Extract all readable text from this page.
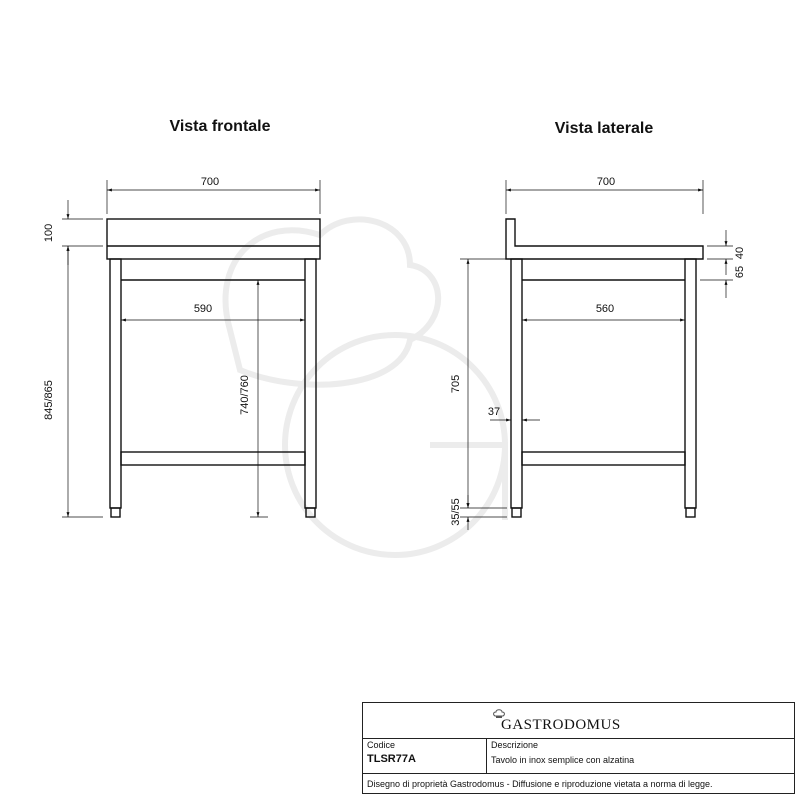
Vista frontale
700
100
845/865
590
740/760
Vista laterale
700
40
65
560
705
37
35/55
GASTRODOMUS
Codice
TLSR77A
Descrizione
Tavolo in inox semplice con alzatina
Disegno di proprietà Gastrodomus - Diffusione e riproduzione vietata a norma di legge.
